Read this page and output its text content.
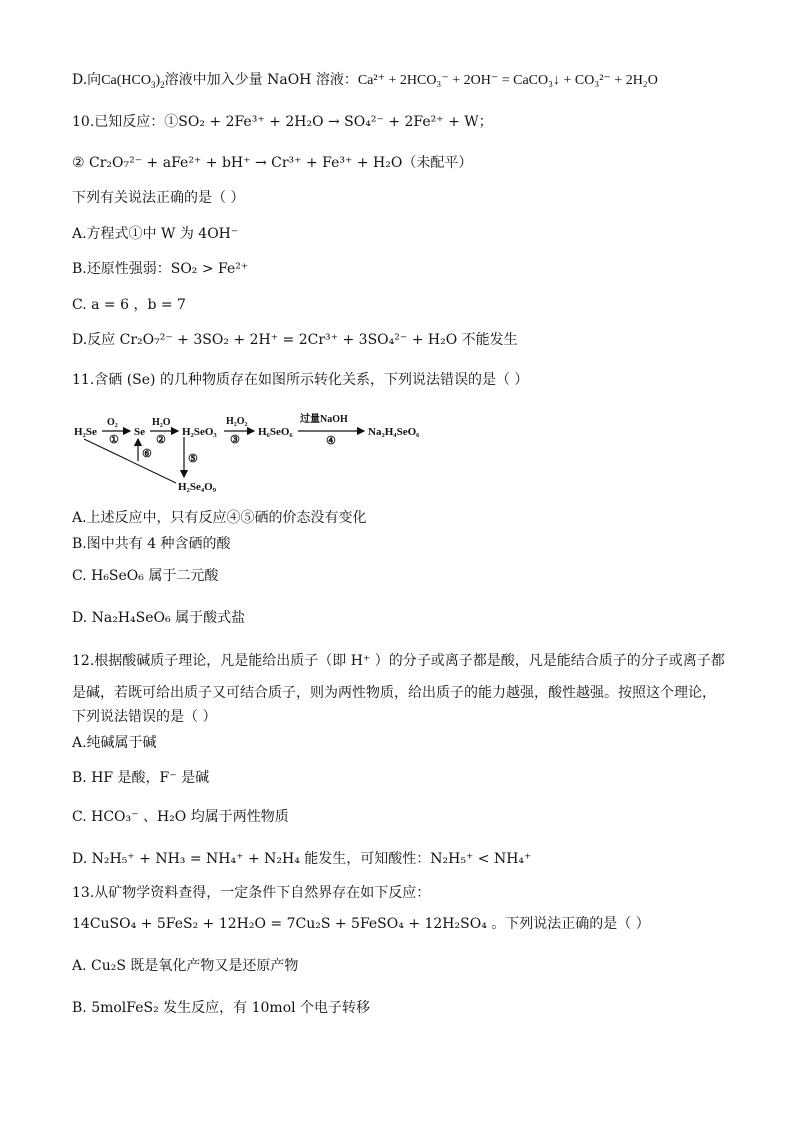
D.向$Ca(HCO_3)_2$溶液中加入少量 NaOH 溶液：Ca²⁺ + 2HCO₃⁻ + 2OH⁻ = CaCO₃↓ + CO₃²⁻ + 2H₂O
10.已知反应：①SO₂ + 2Fe³⁺ + 2H₂O → SO₄²⁻ + 2Fe²⁺ + W；
② Cr₂O₇²⁻ + aFe²⁺ + bH⁺ → Cr³⁺ + Fe³⁺ + H₂O（未配平）
下列有关说法正确的是（ ）
A.方程式①中 W 为 4OH⁻
B.还原性强弱：SO₂ > Fe²⁺
C. a = 6 ，b = 7
D.反应 Cr₂O₇²⁻ + 3SO₂ + 2H⁺ = 2Cr³⁺ + 3SO₄²⁻ + H₂O 不能发生
11.含硒 (Se) 的几种物质存在如图所示转化关系，下列说法错误的是（ ）
H₂Se	Se	H₂SeO₃	H₆SeO₆	Na₂H₄SeO₆
H₂Se₄O₉
O₂
①
H₂O
②
H₂O₂
③
过量NaOH
④
⑤
⑥
A.上述反应中，只有反应④⑤硒的价态没有变化
B.图中共有 4 种含硒的酸
C. H₆SeO₆ 属于二元酸
D. Na₂H₄SeO₆ 属于酸式盐
12.根据酸碱质子理论，凡是能给出质子（即 H⁺ ）的分子或离子都是酸，凡是能结合质子的分子或离子都
是碱，若既可给出质子又可结合质子，则为两性物质，给出质子的能力越强，酸性越强。按照这个理论，
下列说法错误的是（ ）
A.纯碱属于碱
B. HF 是酸，F⁻ 是碱
C. HCO₃⁻ 、H₂O 均属于两性物质
D. N₂H₅⁺ + NH₃ = NH₄⁺ + N₂H₄ 能发生，可知酸性：N₂H₅⁺ < NH₄⁺
13.从矿物学资料查得，一定条件下自然界存在如下反应：
14CuSO₄ + 5FeS₂ + 12H₂O = 7Cu₂S + 5FeSO₄ + 12H₂SO₄ 。下列说法正确的是（ ）
A. Cu₂S 既是氧化产物又是还原产物
B. 5molFeS₂ 发生反应，有 10mol 个电子转移
